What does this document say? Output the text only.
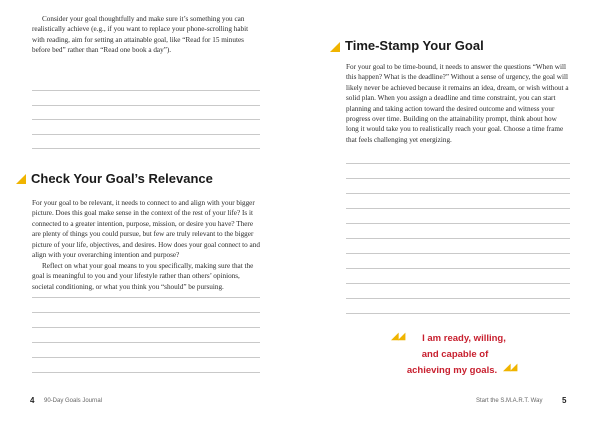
Consider your goal thoughtfully and make sure it’s something you can realistically achieve (e.g., if you want to replace your phone-scrolling habit with reading, aim for setting an attainable goal, like “Read for 15 minutes before bed” rather than “Read one book a day”).

Check Your Goal’s Relevance

For your goal to be relevant, it needs to connect to and align with your bigger picture. Does this goal make sense in the context of the rest of your life? Is it connected to a greater intention, purpose, mission, or desire you have? There are plenty of things you could pursue, but few are truly relevant to the bigger picture of your life, objectives, and desires. How does your goal connect to and align with your overarching intention and purpose?

Reflect on what your goal means to you specifically, making sure that the goal is meaningful to you and your lifestyle rather than others’ opinions, societal conditioning, or what you think you “should” be pursuing.

4 90-Day Goals Journal
Time-Stamp Your Goal

For your goal to be time-bound, it needs to answer the questions “When will this happen? What is the deadline?” Without a sense of urgency, the goal will likely never be achieved because it remains an idea, dream, or wish without a solid plan. When you assign a deadline and time constraint, you can start planning and taking action toward the desired outcome and witness your progress over time. Building on the attainability prompt, think about how long it would take you to realistically reach your goal. Choose a time frame that feels challenging yet energizing.

◢◢	I am ready, willing,
and capable of
achieving my goals. ◢◢
Start the S.M.A.R.T. Way 5
